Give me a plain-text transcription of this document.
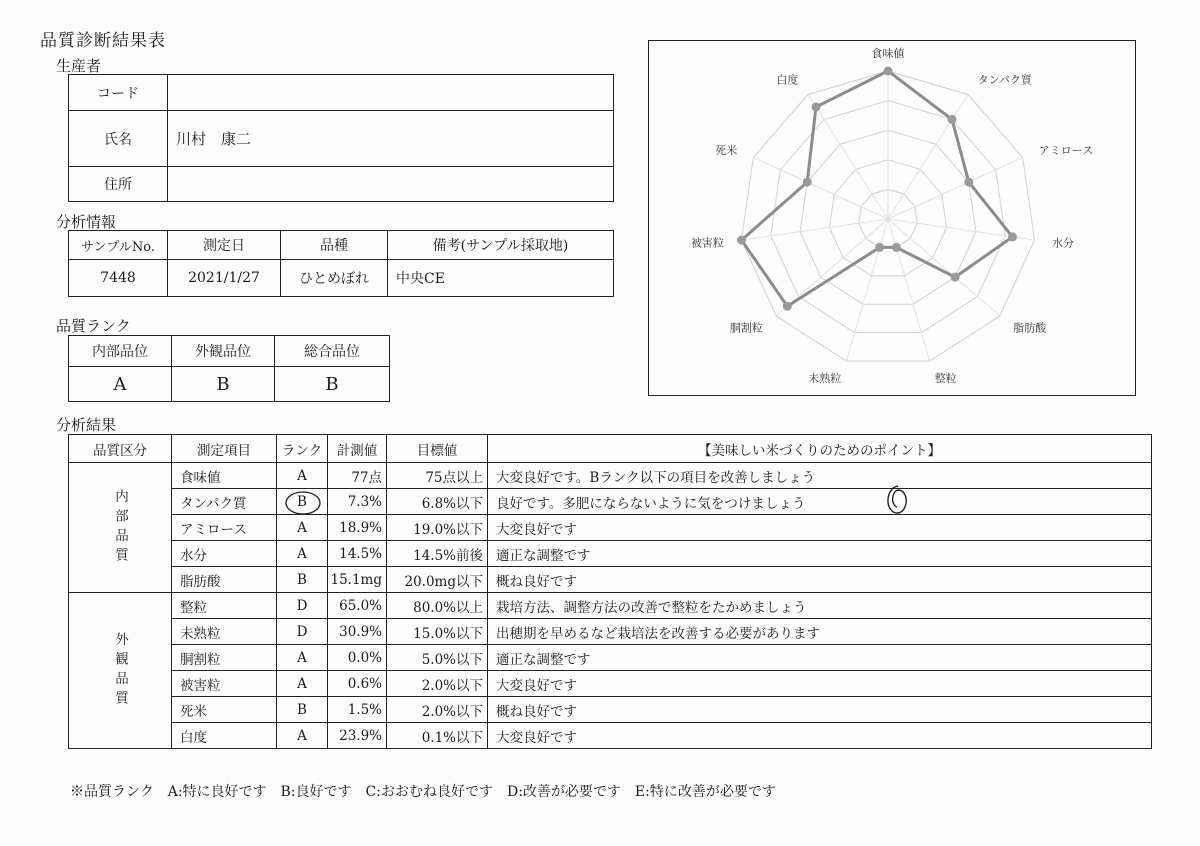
品質診断結果表
生産者
コード	
氏名	川村　康二
住所	
分析情報
サンプルNo.	測定日	品種	備考(サンプル採取地)
7448	2021/1/27	ひとめぼれ	中央CE
品質ランク
内部品位	外観品位	総合品位
A	B	B
食味値
タンパク質
アミロース
水分
脂肪酸
整粒
未熟粒
胴割粒
被害粒
死米
白度
分析結果
品質区分	測定項目	ランク	計測値	目標値	【美味しい米づくりのためのポイント】
内部品質	食味値	A	77点	75点以上	大変良好です。Bランク以下の項目を改善しましょう
	タンパク質	B	7.3%	6.8%以下	良好です。多肥にならないように気をつけましょう
	アミロース	A	18.9%	19.0%以下	大変良好です
	水分	A	14.5%	14.5%前後	適正な調整です
	脂肪酸	B	15.1mg	20.0mg以下	概ね良好です
外観品質	整粒	D	65.0%	80.0%以上	栽培方法、調整方法の改善で整粒をたかめましょう
	未熟粒	D	30.9%	15.0%以下	出穂期を早めるなど栽培法を改善する必要があります
	胴割粒	A	0.0%	5.0%以下	適正な調整です
	被害粒	A	0.6%	2.0%以下	大変良好です
	死米	B	1.5%	2.0%以下	概ね良好です
	白度	A	23.9%	0.1%以下	大変良好です
※品質ランク　A:特に良好です　B:良好です　C:おおむね良好です　D:改善が必要です　E:特に改善が必要です
